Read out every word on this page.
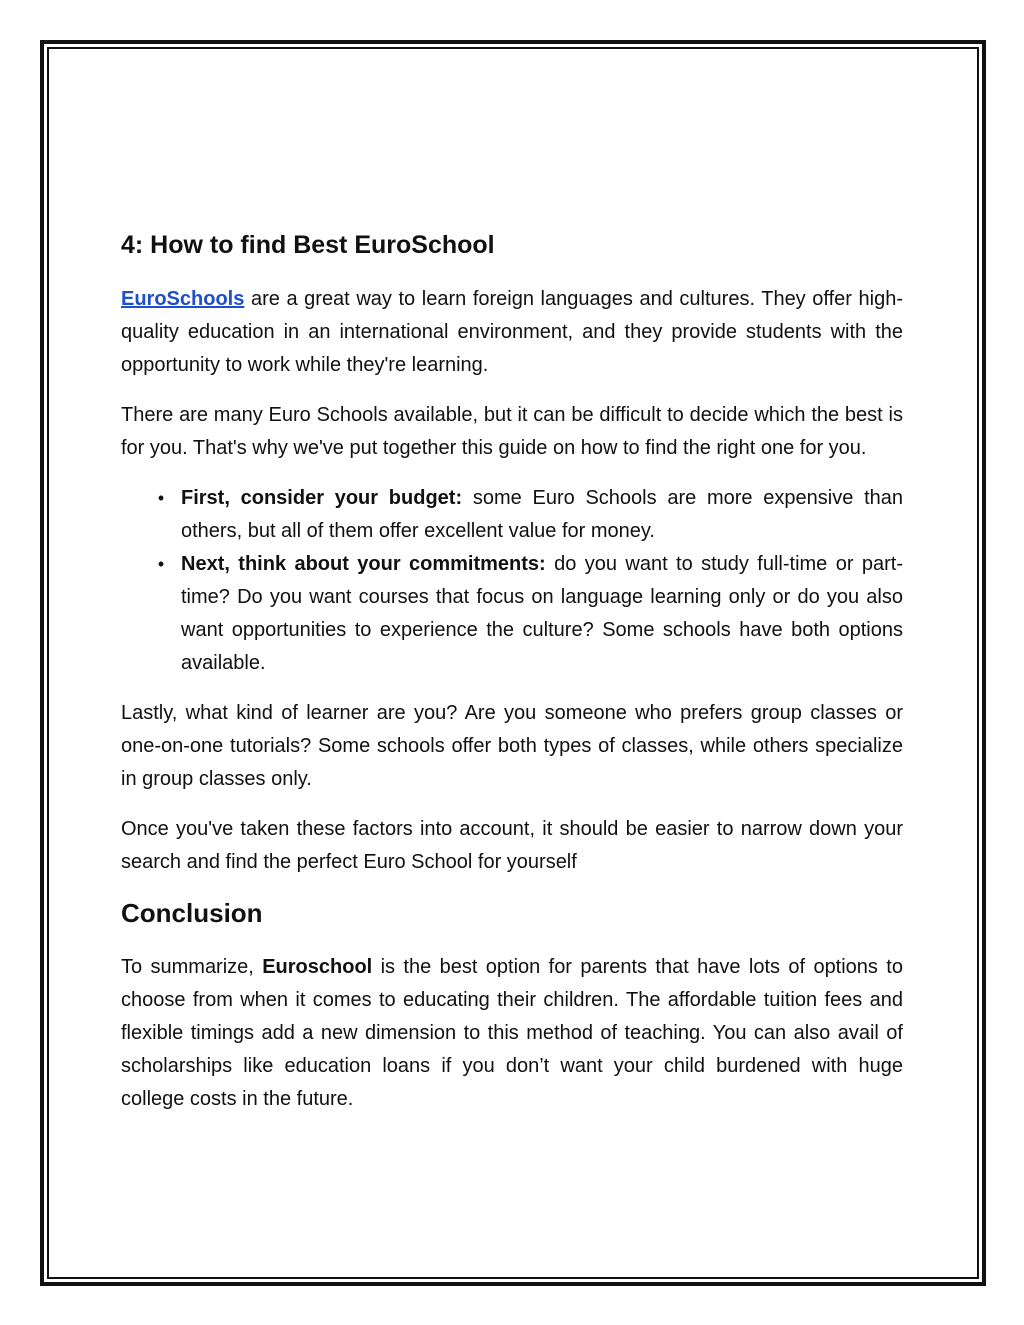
4: How to find Best EuroSchool

EuroSchools are a great way to learn foreign languages and cultures. They offer high-quality education in an international environment, and they provide students with the opportunity to work while they're learning.

There are many Euro Schools available, but it can be difficult to decide which the best is for you. That's why we've put together this guide on how to find the right one for you.

• First, consider your budget: some Euro Schools are more expensive than others, but all of them offer excellent value for money.
• Next, think about your commitments: do you want to study full-time or part-time? Do you want courses that focus on language learning only or do you also want opportunities to experience the culture? Some schools have both options available.

Lastly, what kind of learner are you? Are you someone who prefers group classes or one-on-one tutorials? Some schools offer both types of classes, while others specialize in group classes only.

Once you've taken these factors into account, it should be easier to narrow down your search and find the perfect Euro School for yourself

Conclusion

To summarize, Euroschool is the best option for parents that have lots of options to choose from when it comes to educating their children. The affordable tuition fees and flexible timings add a new dimension to this method of teaching. You can also avail of scholarships like education loans if you don’t want your child burdened with huge college costs in the future.
